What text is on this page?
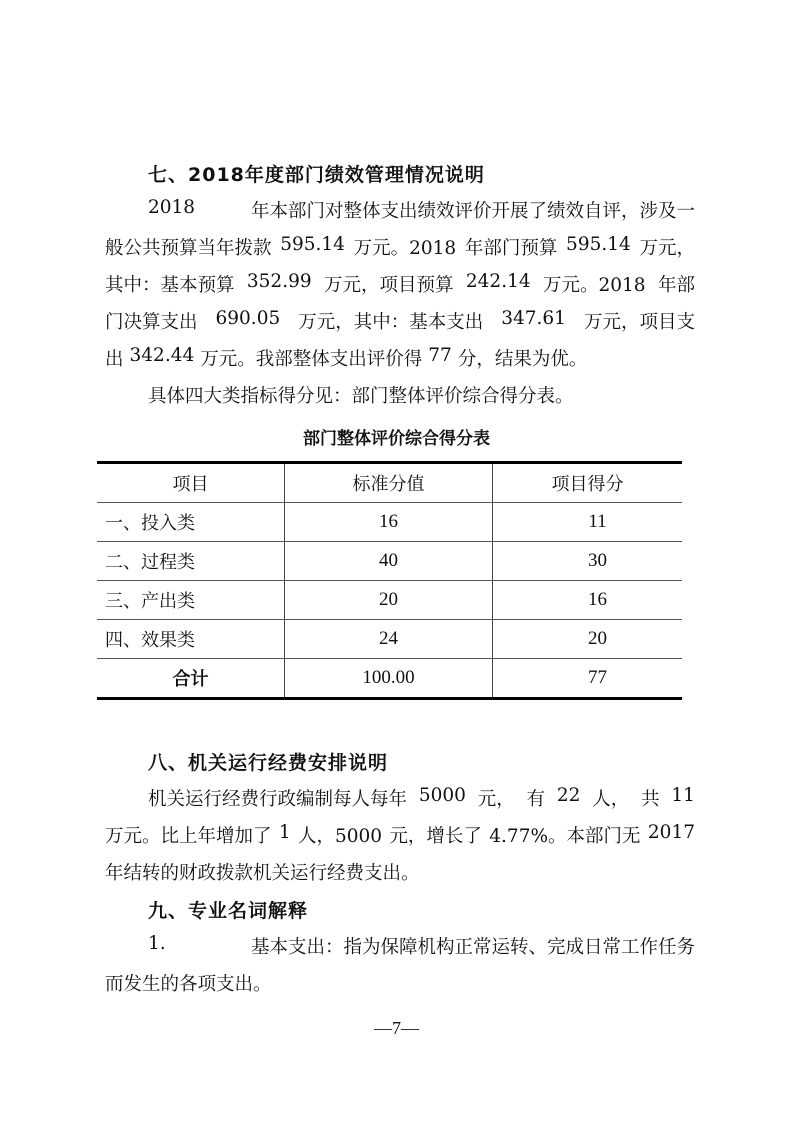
七、2018年度部门绩效管理情况说明
2018	年本部门对整体支出绩效评价开展了绩效自评，涉及一
般公共预算当年拨款 595.14 万元。2018 年部门预算 595.14 万元，
其中：基本预算 352.99 万元，项目预算 242.14 万元。2018 年部
门决算支出 690.05 万元，其中：基本支出 347.61 万元，项目支
出 342.44 万元。我部整体支出评价得 77 分，结果为优。
具体四大类指标得分见：部门整体评价综合得分表。
部门整体评价综合得分表
项目	标准分值	项目得分
一、投入类	16	11
二、过程类	40	30
三、产出类	20	16
四、效果类	24	20
合计	100.00	77
八、机关运行经费安排说明
机关运行经费行政编制每人每年 5000 元， 有 22 人， 共 11
万元。比上年增加了 1 人，5000 元，增长了 4.77%。本部门无 2017
年结转的财政拨款机关运行经费支出。
九、专业名词解释
1.	基本支出：指为保障机构正常运转、完成日常工作任务
而发生的各项支出。
—7—
